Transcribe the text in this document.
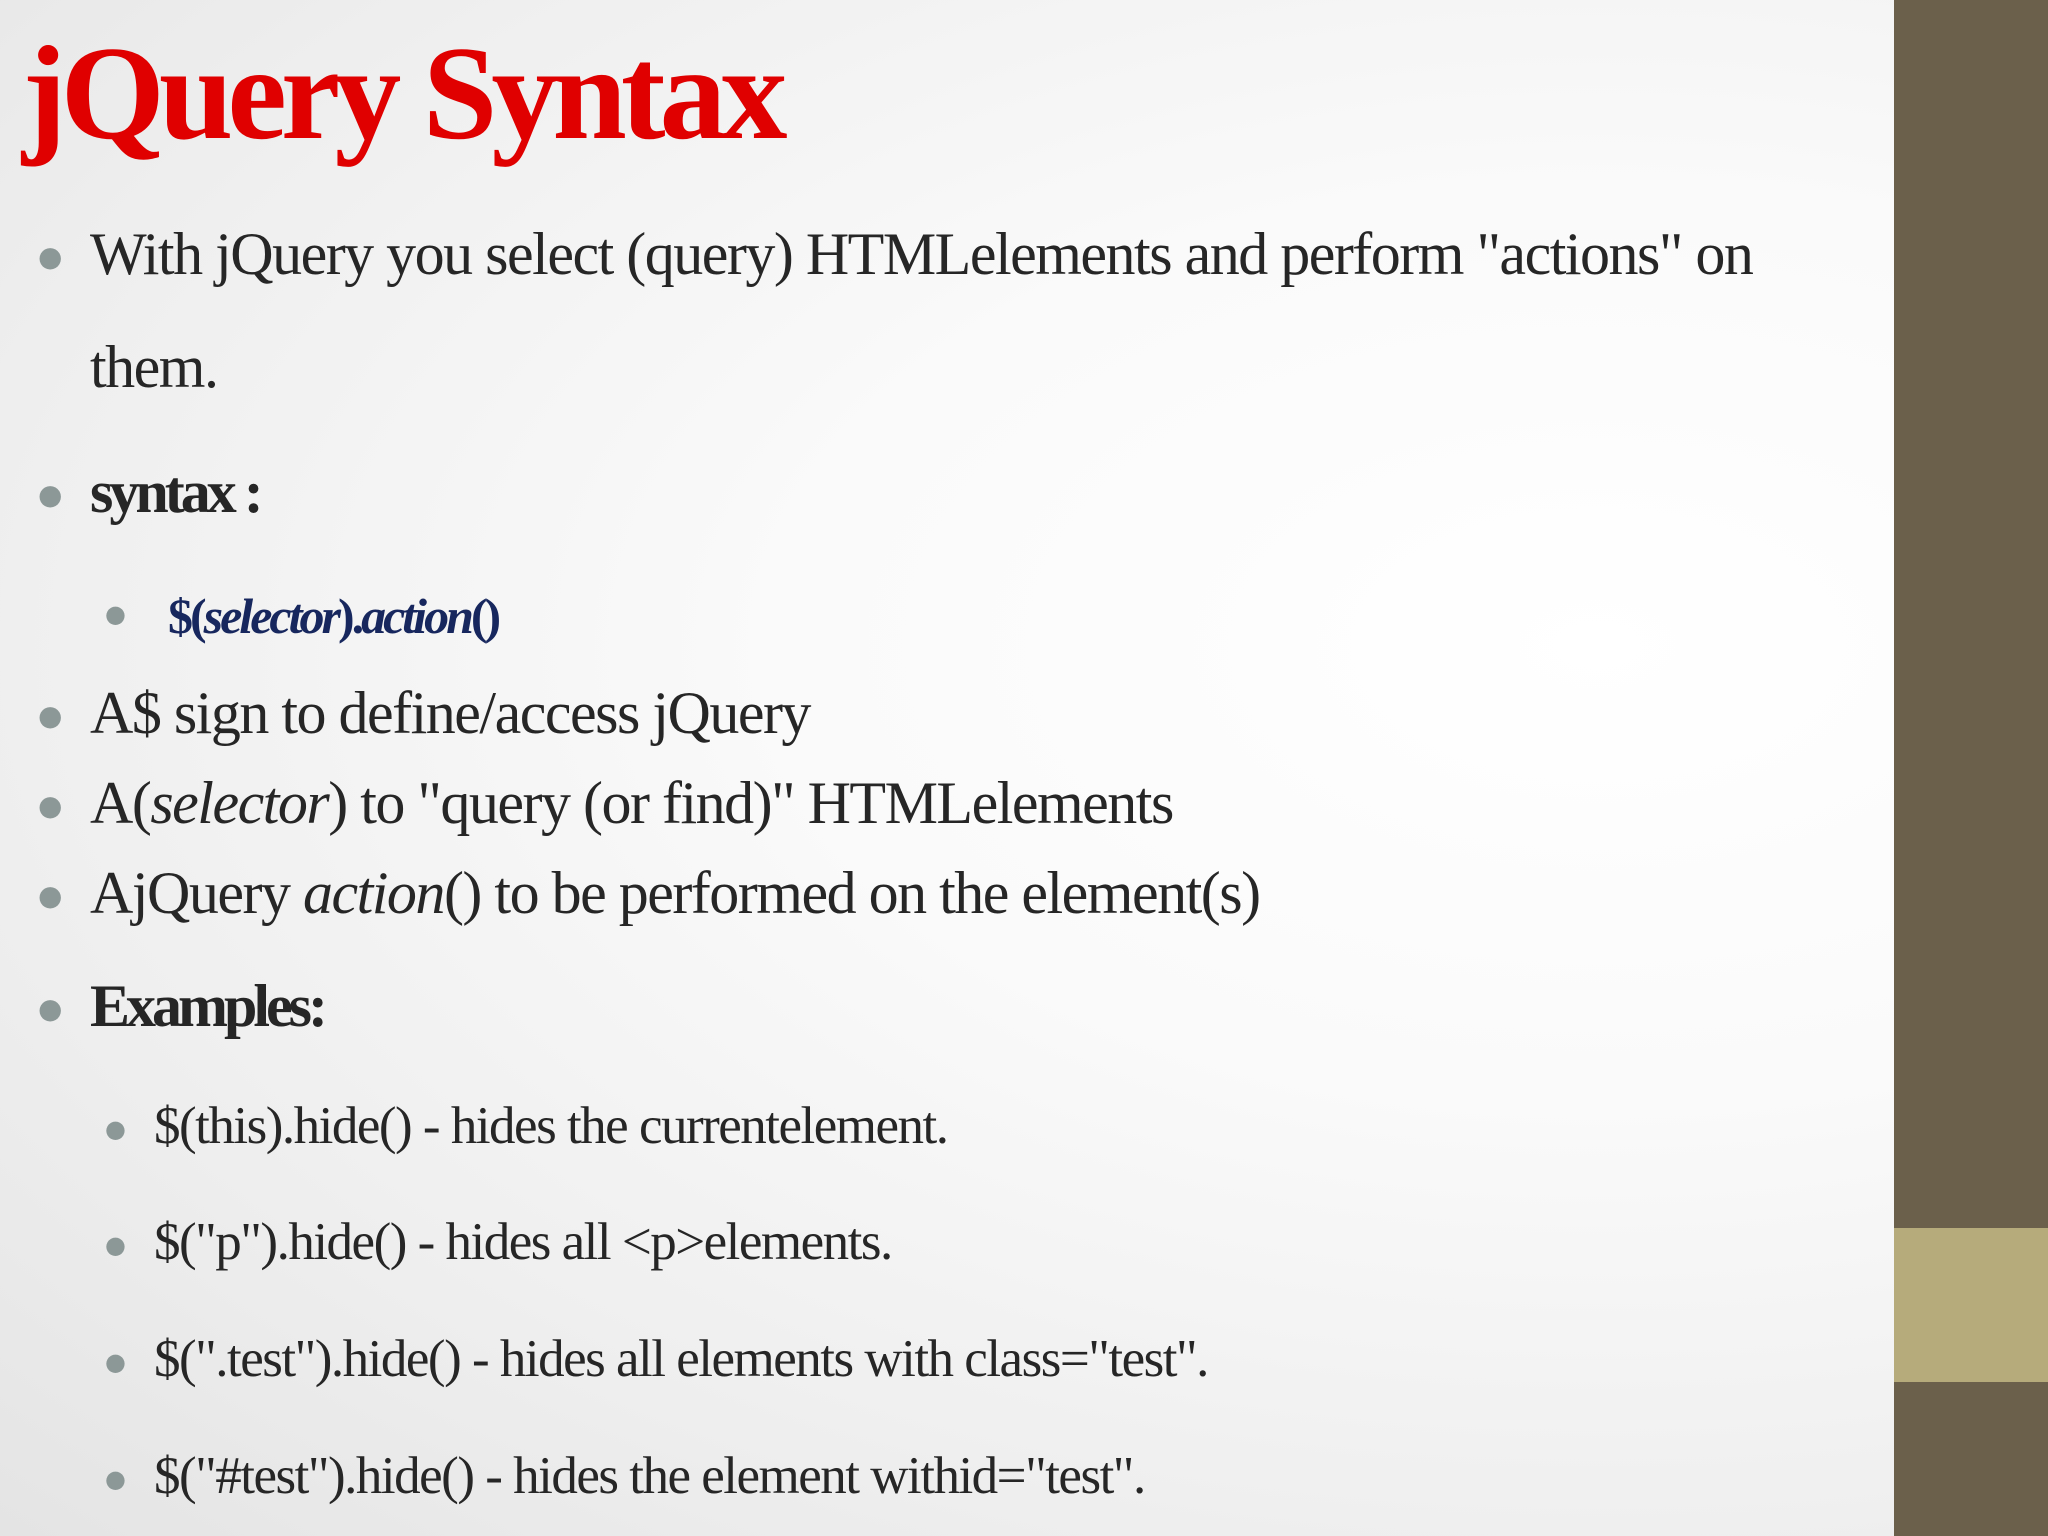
jQuery Syntax
● With jQuery you select (query) HTMLelements and perform "actions" on
them.
● syntax :
● $(selector).action()
● A$ sign to define/access jQuery
● A(selector) to "query (or find)" HTMLelements
● AjQuery action() to be performed on the element(s)
● Examples:
● $(this).hide() - hides the currentelement.
● $("p").hide() - hides all <p>elements.
● $(".test").hide() - hides all elements with class="test".
● $("#test").hide() - hides the element withid="test".
